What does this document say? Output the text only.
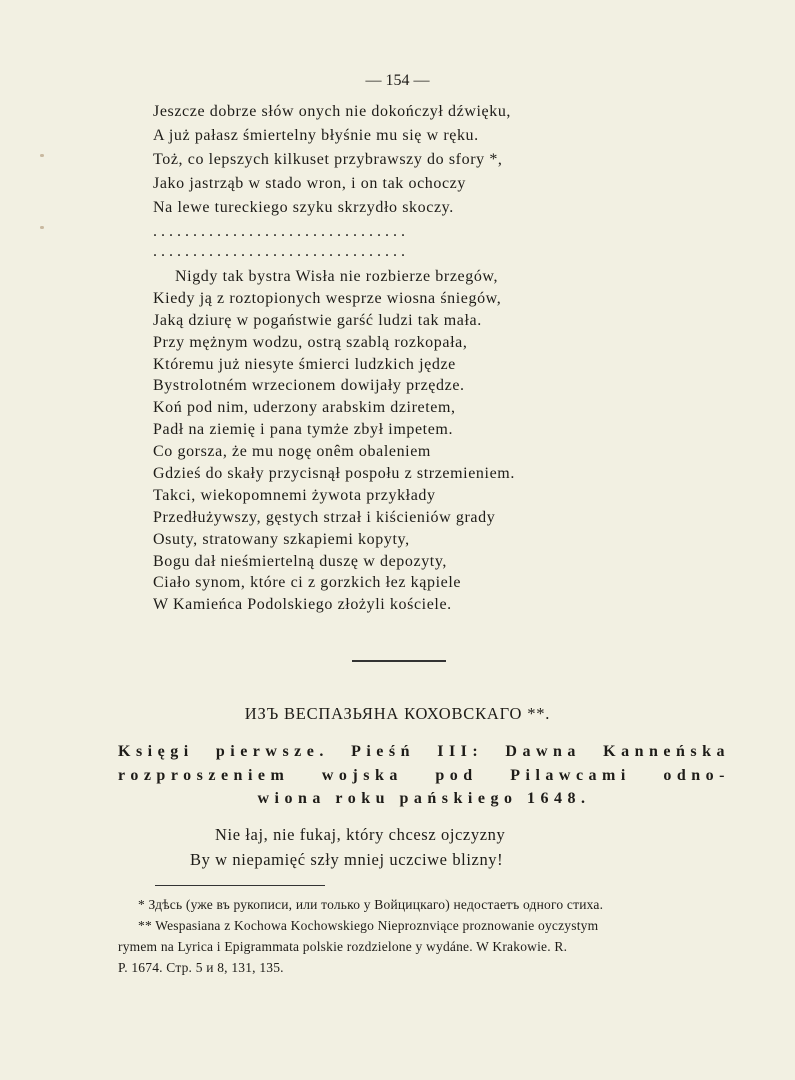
— 154 —
Jeszcze dobrze słów onych nie dokończył dźwięku,
A już pałasz śmiertelny błyśnie mu się w ręku.
Toż, co lepszych kilkuset przybrawszy do sfory *,
Jako jastrząb w stado wron, i on tak ochoczy
Na lewe tureckiego szyku skrzydło skoczy.
................................
................................
Nigdy tak bystra Wisła nie rozbierze brzegów,
Kiedy ją z roztopionych wesprze wiosna śniegów,
Jaką dziurę w pogaństwie garść ludzi tak mała.
Przy mężnym wodzu, ostrą szablą rozkopała,
Któremu już niesyte śmierci ludzkich jędze
Bystrolotném wrzecionem dowijały przędze.
Koń pod nim, uderzony arabskim dziretem,
Padł na ziemię i pana tymże zbył impetem.
Co gorsza, że mu nogę onêm obaleniem
Gdzieś do skały przycisnął pospołu z strzemieniem.
Takci, wiekopomnemi żywota przykłady
Przedłużywszy, gęstych strzał i kiścieniów grady
Osuty, stratowany szkapiemi kopyty,
Bogu dał nieśmiertelną duszę w depozyty,
Ciało synom, które ci z gorzkich łez kąpiele
W Kamieńca Podolskiego złożyli kościele.
ИЗЪ ВЕСПАЗЬЯНА КОХОВСКАГО **.
Księgi pierwsze. Pieśń III: Dawna Kanneńska
rozproszeniem wojska pod Pilawcami odno-
wiona roku pańskiego 1648.
Nie łaj, nie fukaj, który chcesz ojczyzny
By w niepamięć szły mniej uczciwe blizny!
* Здѣсь (уже въ рукописи, или только у Войцицкаго) недостаетъ одного стиха.
** Wespasiana z Kochowa Kochowskiego Nieproznviące proznowanie oyczystym
rymem na Lyrica i Epigrammata polskie rozdzielone y wydáne. W Krakowie. R.
P. 1674. Стр. 5 и 8, 131, 135.
